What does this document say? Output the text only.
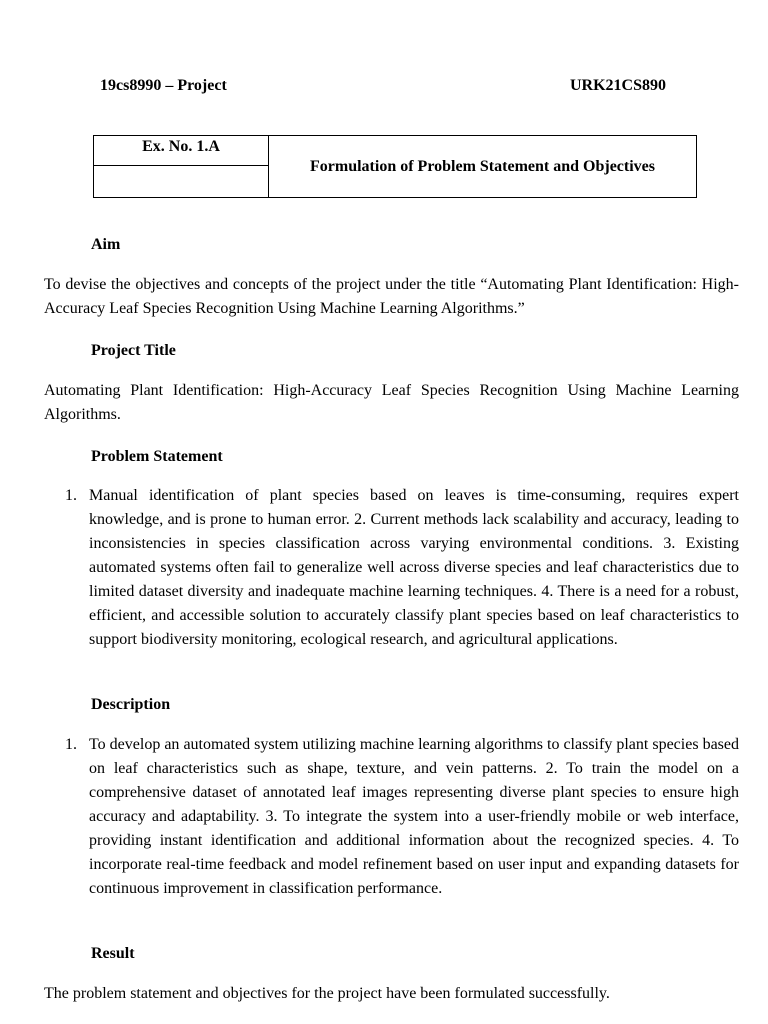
19cs8990 – Project	URK21CS890
Ex. No. 1.A	Formulation of Problem Statement and Objectives

Aim

To devise the objectives and concepts of the project under the title “Automating Plant Identification: High-Accuracy Leaf Species Recognition Using Machine Learning Algorithms.”

Project Title

Automating Plant Identification: High-Accuracy Leaf Species Recognition Using Machine Learning Algorithms.

Problem Statement
1. Manual identification of plant species based on leaves is time-consuming, requires expert knowledge, and is prone to human error. 2. Current methods lack scalability and accuracy, leading to inconsistencies in species classification across varying environmental conditions. 3. Existing automated systems often fail to generalize well across diverse species and leaf characteristics due to limited dataset diversity and inadequate machine learning techniques. 4. There is a need for a robust, efficient, and accessible solution to accurately classify plant species based on leaf characteristics to support biodiversity monitoring, ecological research, and agricultural applications.
Description
1. To develop an automated system utilizing machine learning algorithms to classify plant species based on leaf characteristics such as shape, texture, and vein patterns. 2. To train the model on a comprehensive dataset of annotated leaf images representing diverse plant species to ensure high accuracy and adaptability. 3. To integrate the system into a user-friendly mobile or web interface, providing instant identification and additional information about the recognized species. 4. To incorporate real-time feedback and model refinement based on user input and expanding datasets for continuous improvement in classification performance.
Result

The problem statement and objectives for the project have been formulated successfully.
